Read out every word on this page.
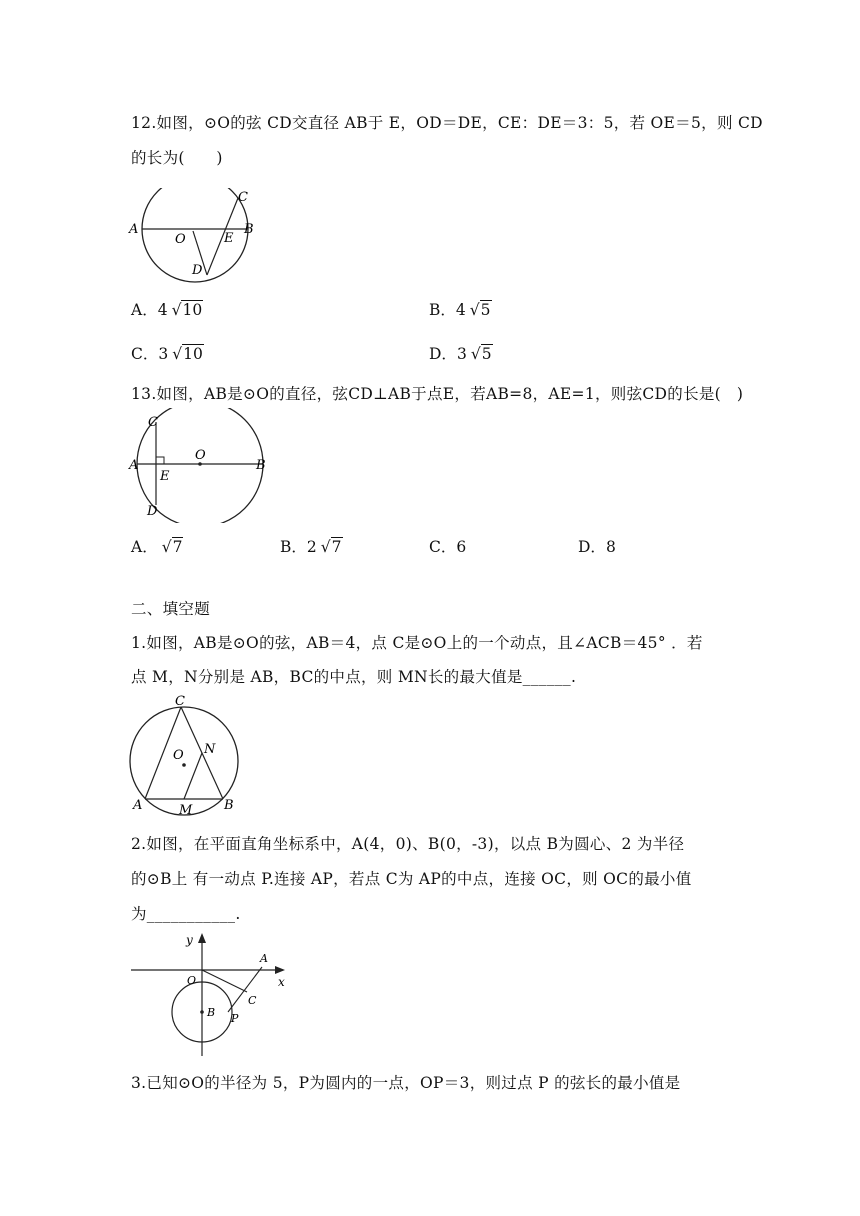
12.如图，⊙O的弦 CD交直径 AB于 E，OD＝DE，CE：DE＝3：5，若 OE＝5，则 CD
的长为(　　)
A	B
C
D
E
O
A．4 √10	B．4 √5
C．3 √10	D．3 √5
13.如图，AB是⊙O的直径，弦CD⊥AB于点E，若AB=8，AE=1，则弦CD的长是(　)
A	B
C
D
E
O
A． √7	B．2 √7	C．6	D．8
二、填空题
1.如图，AB是⊙O的弦，AB＝4，点 C是⊙O上的一个动点，且∠ACB＝45° ．若
点 M，N分别是 AB，BC的中点，则 MN长的最大值是______.
A	B
C
M
N
O
2.如图，在平面直角坐标系中，A(4，0)、B(0，-3)，以点 B为圆心、2 为半径
的⊙B上 有一动点 P.连接 AP，若点 C为 AP的中点，连接 OC，则 OC的最小值
为___________.
y
x
O
A
B
C
P
3.已知⊙O的半径为 5，P为圆内的一点，OP＝3，则过点 P 的弦长的最小值是
